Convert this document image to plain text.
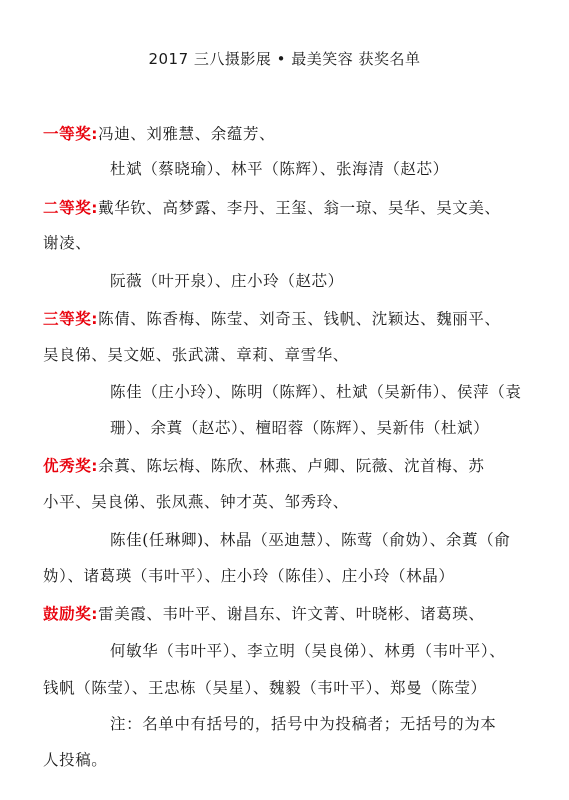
2017 三八摄影展 • 最美笑容 获奖名单
一等奖:冯迪、刘雅慧、余蕴芳、
杜斌（蔡晓瑜）、林平（陈辉）、张海清（赵芯）
二等奖:戴华钦、高梦露、李丹、王玺、翁一琼、吴华、吴文美、
谢凌、
阮薇（叶开泉）、庄小玲（赵芯）
三等奖:陈倩、陈香梅、陈莹、刘奇玉、钱帆、沈颖达、魏丽平、
吴良俤、吴文姬、张武潇、章莉、章雪华、
陈佳（庄小玲）、陈明（陈辉）、杜斌（吴新伟）、侯萍（袁
珊）、余蒖（赵芯）、檀昭蓉（陈辉）、吴新伟（杜斌）
优秀奖:余蒖、陈坛梅、陈欣、林燕、卢卿、阮薇、沈首梅、苏
小平、吴良俤、张凤燕、钟才英、邹秀玲、
陈佳(任琳卿)、林晶（巫迪慧）、陈莺（俞妫）、余蒖（俞
妫）、诸葛瑛（韦叶平）、庄小玲（陈佳）、庄小玲（林晶）
鼓励奖:雷美霞、韦叶平、谢昌东、许文菁、叶晓彬、诸葛瑛、
何敏华（韦叶平）、李立明（吴良俤）、林勇（韦叶平）、
钱帆（陈莹）、王忠栋（吴星）、魏毅（韦叶平）、郑曼（陈莹）
注：名单中有括号的，括号中为投稿者；无括号的为本
人投稿。
